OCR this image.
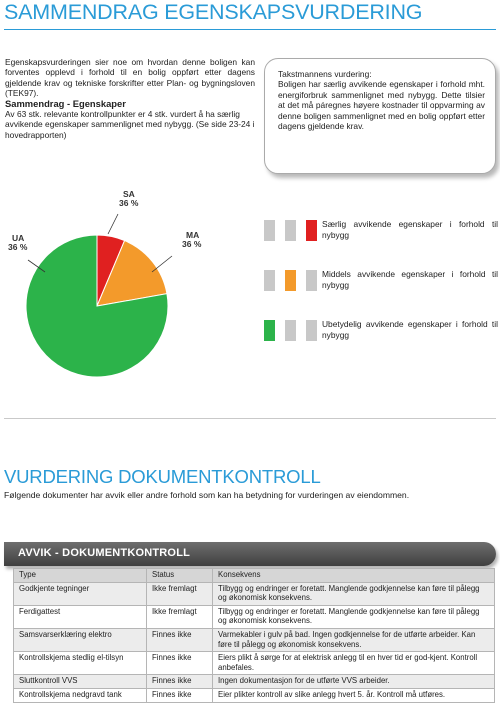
SAMMENDRAG EGENSKAPSVURDERING

Egenskapsvurderingen sier noe om hvordan denne boligen kan forventes opplevd i forhold til en bolig oppført etter dagens gjeldende krav og tekniske forskrifter etter Plan- og bygningsloven (TEK97).

Sammendrag - Egenskaper

Av 63 stk. relevante kontrollpunkter er 4 stk. vurdert å ha særlig avvikende egenskaper sammenlignet med nybygg. (Se side 23-24 i hovedrapporten)

Takstmannens vurdering:
Boligen har særlig avvikende egenskaper i forhold mht. energiforbruk sammenlignet med nybygg. Dette tilsier at det må páregnes høyere kostnader til oppvarming av denne boligen sammenlignet med en bolig oppført etter dagens gjeldende krav.
SA
36 %
MA
36 %
UA
36 %
Særlig avvikende egenskaper i forhold til nybygg
Middels avvikende egenskaper i forhold til nybygg
Ubetydelig avvikende egenskaper i forhold til nybygg
VURDERING DOKUMENTKONTROLL
Følgende dokumenter har avvik eller andre forhold som kan ha betydning for vurderingen av eiendommen.
AVVIK - DOKUMENTKONTROLL
Type	Status	Konsekvens
Godkjente tegninger	Ikke fremlagt	Tilbygg og endringer er foretatt. Manglende godkjennelse kan føre til pålegg og økonomisk konsekvens.
Ferdigattest	Ikke fremlagt	Tilbygg og endringer er foretatt. Manglende godkjennelse kan føre til pålegg og økonomisk konsekvens.
Samsvarserklæring elektro	Finnes ikke	Varmekabler i gulv på bad. Ingen godkjennelse for de utførte arbeider. Kan føre til pålegg og økonomisk konsekvens.
Kontrollskjema stedlig el-tilsyn	Finnes ikke	Eiers plikt å sørge for at elektrisk anlegg til en hver tid er god-kjent. Kontroll anbefales.
Sluttkontroll VVS	Finnes ikke	Ingen dokumentasjon for de utførte VVS arbeider.
Kontrollskjema nedgravd tank	Finnes ikke	Eier plikter kontroll av slike anlegg hvert 5. år. Kontroll må utføres.
